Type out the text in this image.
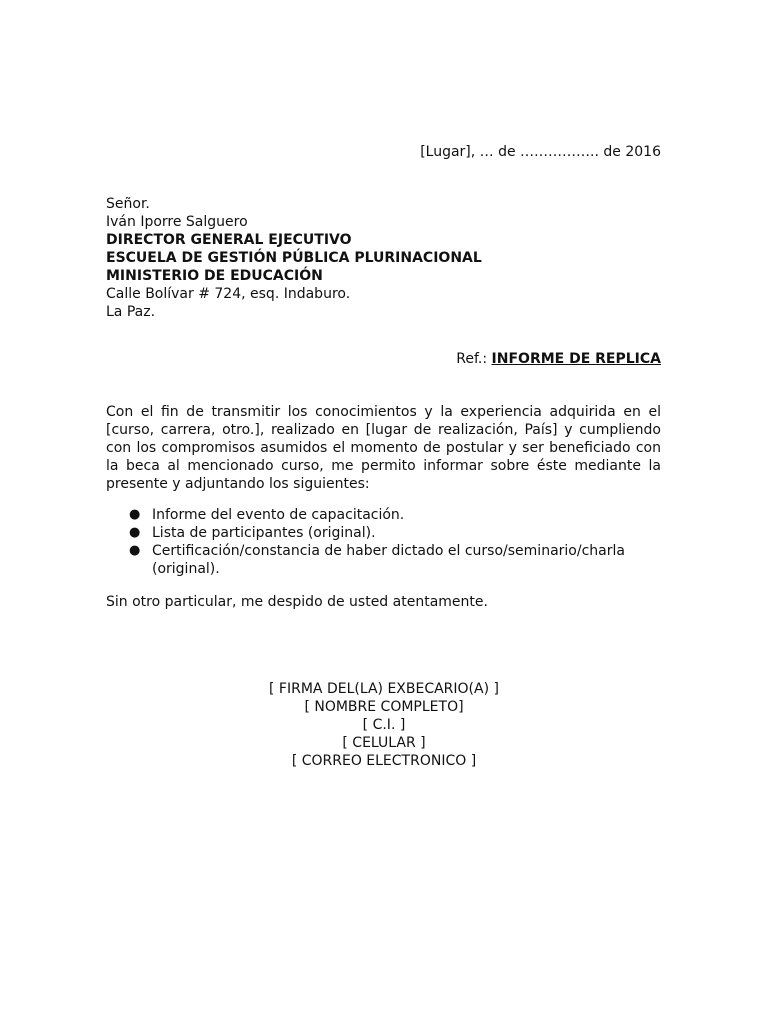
[Lugar], … de …………….. de 2016
Señor.
Iván Iporre Salguero
DIRECTOR GENERAL EJECUTIVO
ESCUELA DE GESTIÓN PÚBLICA PLURINACIONAL
MINISTERIO DE EDUCACIÓN
Calle Bolívar # 724, esq. Indaburo.
La Paz.
Ref.: INFORME DE REPLICA

Con el fin de transmitir los conocimientos y la experiencia adquirida en el [curso, carrera, otro.], realizado en [lugar de realización, País] y cumpliendo con los compromisos asumidos el momento de postular y ser beneficiado con la beca al mencionado curso, me permito informar sobre éste mediante la presente y adjuntando los siguientes:

● Informe del evento de capacitación.
● Lista de participantes (original).
● Certificación/constancia de haber dictado el curso/seminario/charla (original).

Sin otro particular, me despido de usted atentamente.

[ FIRMA DEL(LA) EXBECARIO(A) ]
[ NOMBRE COMPLETO]
[ C.I. ]
[ CELULAR ]
[ CORREO ELECTRONICO ]
